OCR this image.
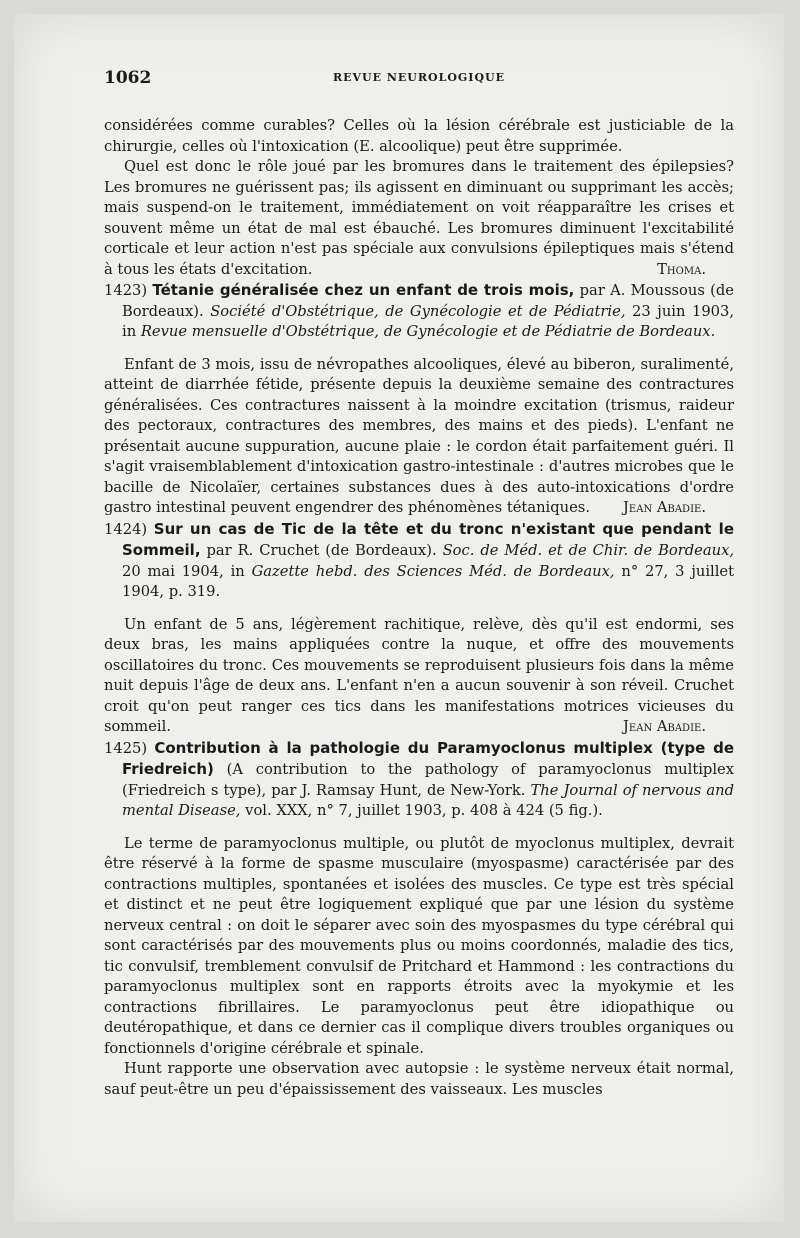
1062	REVUE NEUROLOGIQUE

considérées comme curables? Celles où la lésion cérébrale est justiciable de la chirurgie, celles où l'intoxication (E. alcoolique) peut être supprimée.

Quel est donc le rôle joué par les bromures dans le traitement des épilepsies? Les bromures ne guérissent pas; ils agissent en diminuant ou supprimant les accès; mais suspend-on le traitement, immédiatement on voit réapparaître les crises et souvent même un état de mal est ébauché. Les bromures diminuent l'excitabilité corticale et leur action n'est pas spéciale aux convulsions épileptiques mais s'étend à tous les états d'excitation.	Thoma.

1423) Tétanie généralisée chez un enfant de trois mois, par A. Moussous (de Bordeaux). Société d'Obstétrique, de Gynécologie et de Pédiatrie, 23 juin 1903, in Revue mensuelle d'Obstétrique, de Gynécologie et de Pédiatrie de Bordeaux.

Enfant de 3 mois, issu de névropathes alcooliques, élevé au biberon, suralimenté, atteint de diarrhée fétide, présente depuis la deuxième semaine des contractures généralisées. Ces contractures naissent à la moindre excitation (trismus, raideur des pectoraux, contractures des membres, des mains et des pieds). L'enfant ne présentait aucune suppuration, aucune plaie : le cordon était parfaitement guéri. Il s'agit vraisemblablement d'intoxication gastro-intestinale : d'autres microbes que le bacille de Nicolaïer, certaines substances dues à des auto-intoxications d'ordre gastro intestinal peuvent engendrer des phénomènes tétaniques.	Jean Abadie.

1424) Sur un cas de Tic de la tête et du tronc n'existant que pendant le Sommeil, par R. Cruchet (de Bordeaux). Soc. de Méd. et de Chir. de Bordeaux, 20 mai 1904, in Gazette hebd. des Sciences Méd. de Bordeaux, n° 27, 3 juillet 1904, p. 319.

Un enfant de 5 ans, légèrement rachitique, relève, dès qu'il est endormi, ses deux bras, les mains appliquées contre la nuque, et offre des mouvements oscillatoires du tronc. Ces mouvements se reproduisent plusieurs fois dans la même nuit depuis l'âge de deux ans. L'enfant n'en a aucun souvenir à son réveil. Cruchet croit qu'on peut ranger ces tics dans les manifestations motrices vicieuses du sommeil.	Jean Abadie.

1425) Contribution à la pathologie du Paramyoclonus multiplex (type de Friedreich) (A contribution to the pathology of paramyoclonus multiplex (Friedreich s type), par J. Ramsay Hunt, de New-York. The Journal of nervous and mental Disease, vol. XXX, n° 7, juillet 1903, p. 408 à 424 (5 fig.).

Le terme de paramyoclonus multiple, ou plutôt de myoclonus multiplex, devrait être réservé à la forme de spasme musculaire (myospasme) caractérisée par des contractions multiples, spontanées et isolées des muscles. Ce type est très spécial et distinct et ne peut être logiquement expliqué que par une lésion du système nerveux central : on doit le séparer avec soin des myospasmes du type cérébral qui sont caractérisés par des mouvements plus ou moins coordonnés, maladie des tics, tic convulsif, tremblement convulsif de Pritchard et Hammond : les contractions du paramyoclonus multiplex sont en rapports étroits avec la myokymie et les contractions fibrillaires. Le paramyoclonus peut être idiopathique ou deutéropathique, et dans ce dernier cas il complique divers troubles organiques ou fonctionnels d'origine cérébrale et spinale.

Hunt rapporte une observation avec autopsie : le système nerveux était normal, sauf peut-être un peu d'épaississement des vaisseaux. Les muscles
